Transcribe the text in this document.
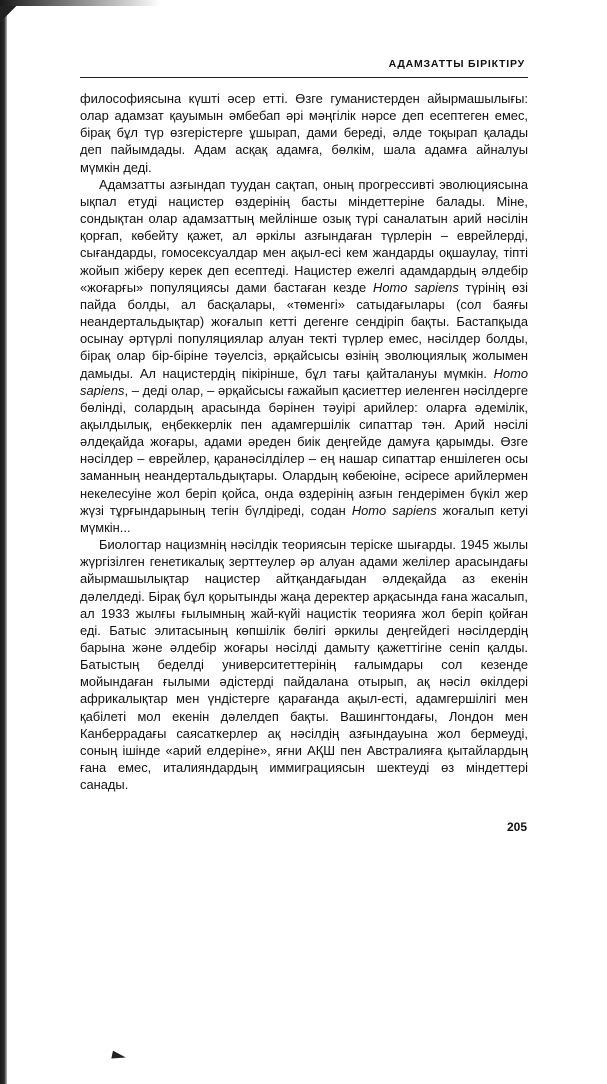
АДАМЗАТТЫ БІРІКТІРУ

философиясына күшті әсер етті. Өзге гуманистерден айырмашылығы: олар адамзат қауымын әмбебап әрі мәңгілік нәрсе деп есептеген емес, бірақ бұл түр өзгерістерге ұшырап, дами береді, әлде тоқырап қалады деп пайымдады. Адам асқақ адамға, бөлкім, шала адамға айналуы мүмкін деді.

Адамзатты азғындап туудан сақтап, оның прогрессивті эволюциясына ықпал етуді нацистер өздерінің басты міндеттеріне балады. Міне, сондықтан олар адамзаттың мейлінше озық түрі саналатын арий нәсілін қорғап, көбейту қажет, ал әркілы азғындаған түрлерін – еврейлерді, сығандарды, гомосексуалдар мен ақыл-есі кем жандарды оқшаулау, тіпті жойып жіберу керек деп есептеді. Нацистер ежелгі адамдардың әлдебір «жоғарғы» популяциясы дами бастаған кезде Homo sapiens түрінің өзі пайда болды, ал басқалары, «төменгі» сатыдағылары (сол баяғы неандертальдықтар) жоғалып кетті дегенге сендіріп бақты. Бастапқыда осынау әртүрлі популяциялар алуан текті түрлер емес, нәсілдер болды, бірақ олар бір-біріне тәуелсіз, әрқайсысы өзінің эволюциялық жолымен дамыды. Ал нацистердің пікірінше, бұл тағы қайталануы мүмкін. Homo sapiens, – деді олар, – әрқайсысы ғажайып қасиеттер иеленген нәсілдерге бөлінді, солардың арасында бәрінен тәуірі арийлер: оларға әдемілік, ақылдылық, еңбеккерлік пен адамгершілік сипаттар тән. Арий нәсілі әлдеқайда жоғары, адами әреден биік деңгейде дамуға қарымды. Өзге нәсілдер – еврейлер, қаранәсілділер – ең нашар сипаттар еншілеген осы заманның неандертальдықтары. Олардың көбеюіне, әсіресе арийлермен некелесуіне жол беріп қойса, онда өздерінің азғын гендерімен бүкіл жер жүзі тұрғындарының тегін бүлдіреді, содан Homo sapiens жоғалып кетуі мүмкін...

Биологтар нацизмнің нәсілдік теориясын теріске шығарды. 1945 жылы жүргізілген генетикалық зерттеулер әр алуан адами желілер арасындағы айырмашылықтар нацистер айтқандағыдан әлдеқайда аз екенін дәлелдеді. Бірақ бұл қорытынды жаңа деректер арқасында ғана жасалып, ал 1933 жылғы ғылымның жай-күйі нацистік теорияға жол беріп қойған еді. Батыс элитасының көпшілік бөлігі әркилы деңгейдегі нәсілдердің барына және әлдебір жоғары нәсілді дамыту қажеттігіне сеніп қалды. Батыстың беделді университеттерінің ғалымдары сол кезенде мойындаған ғылыми әдістерді пайдалана отырып, ақ нәсіл өкілдері африкалықтар мен үндістерге қарағанда ақыл-есті, адамгершілігі мен қабілеті мол екенін дәлелдеп бақты. Вашингтондағы, Лондон мен Канберрадағы саясаткерлер ақ нәсілдің азғындауына жол бермеуді, соның ішінде «арий елдеріне», яғни АҚШ пен Австралияға қытайлардың ғана емес, италияндардың иммиграциясын шектеуді өз міндеттері санады.

205
